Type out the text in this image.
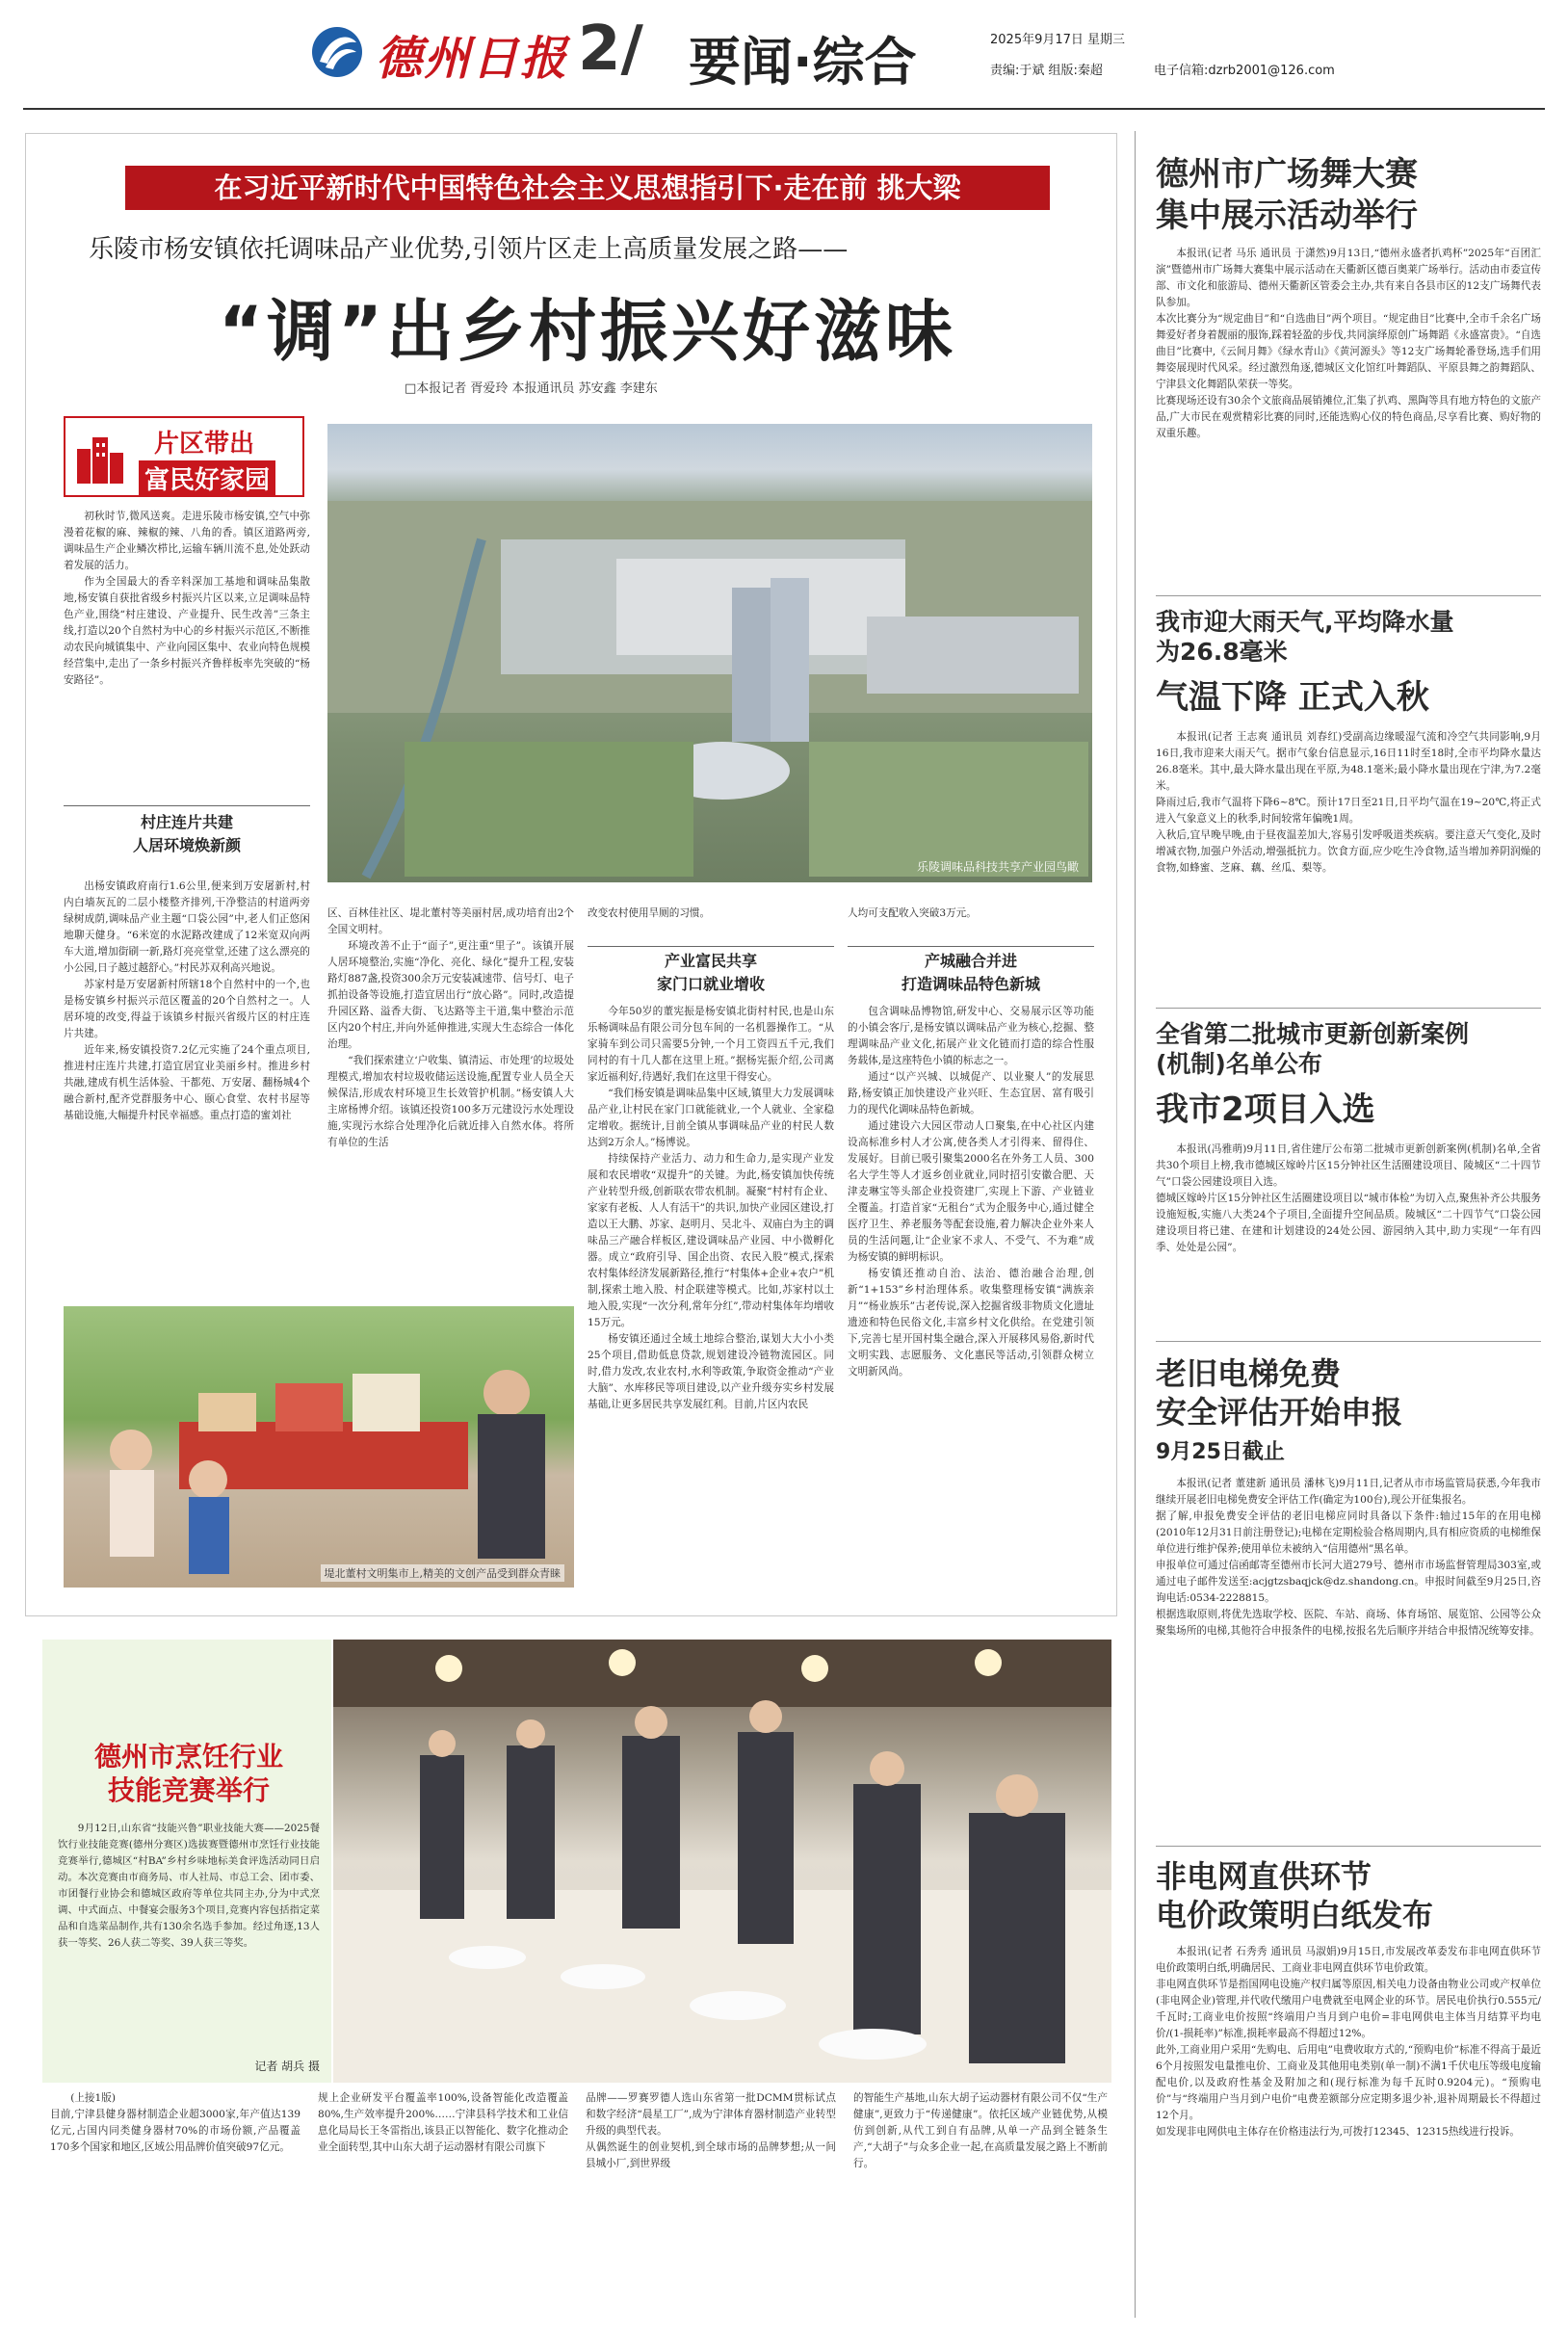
德州日报 2/ 要闻·综合	2025年9月17日 星期三
责编:于斌 组版:秦超	电子信箱:dzrb2001@126.com
在习近平新时代中国特色社会主义思想指引下·走在前 挑大梁
乐陵市杨安镇依托调味品产业优势,引领片区走上高质量发展之路——
“调”出乡村振兴好滋味
□本报记者 胥爱玲 本报通讯员 苏安鑫 李建东
片区带出
富民好家园
初秋时节,微风送爽。走进乐陵市杨安镇,空气中弥漫着花椒的麻、辣椒的辣、八角的香。镇区道路两旁,调味品生产企业鳞次栉比,运输车辆川流不息,处处跃动着发展的活力。
作为全国最大的香辛料深加工基地和调味品集散地,杨安镇自获批省级乡村振兴片区以来,立足调味品特色产业,围绕“村庄建设、产业提升、民生改善”三条主线,打造以20个自然村为中心的乡村振兴示范区,不断推动农民向城镇集中、产业向园区集中、农业向特色规模经营集中,走出了一条乡村振兴齐鲁样板率先突破的“杨安路径”。
村庄连片共建
人居环境焕新颜
乐陵调味品科技共享产业园鸟瞰
出杨安镇政府南行1.6公里,便来到万安屠新村,村内白墙灰瓦的二层小楼整齐排列,干净整洁的村道两旁绿树成荫,调味品产业主题“口袋公园”中,老人们正悠闲地聊天健身。“6米宽的水泥路改建成了12米宽双向两车大道,增加街刷一新,路灯亮亮堂堂,还建了这么漂亮的小公园,日子越过越舒心。”村民苏双利高兴地说。
苏家村是万安屠新村所辖18个自然村中的一个,也是杨安镇乡村振兴示范区覆盖的20个自然村之一。人居环境的改变,得益于该镇乡村振兴省级片区的村庄连片共建。
近年来,杨安镇投资7.2亿元实施了24个重点项目,推进村庄连片共建,打造宜居宜业美丽乡村。推进乡村共融,建成有机生活体验、干都苑、万安屠、翻杨城4个融合新村,配齐党群服务中心、颐心食堂、农村书屋等基础设施,大幅提升村民幸福感。重点打造的蜜刘社
区、百林佳社区、堤北董村等美丽村居,成功培育出2个全国文明村。
环境改善不止于“面子”,更注重“里子”。该镇开展人居环境整治,实施“净化、亮化、绿化”提升工程,安装路灯887盏,投资300余万元安装减速带、信号灯、电子抓拍设备等设施,打造宜居出行“放心路”。同时,改造提升园区路、溢香大街、飞达路等主干道,集中整治示范区内20个村庄,并向外延伸推进,实现大生态综合一体化治理。
“我们探索建立‘户收集、镇清运、市处理’的垃圾处理模式,增加农村垃圾收储运送设施,配置专业人员全天候保洁,形成农村环境卫生长效管护机制。”杨安镇人大主席杨博介绍。该镇还投资100多万元建设污水处理设施,实现污水综合处理净化后就近排入自然水体。将所有单位的生活
改变农村使用旱厕的习惯。	人均可支配收入突破3万元。
产业富民共享
家门口就业增收
产城融合并进
打造调味品特色新城
今年50岁的董宪振是杨安镇北街村村民,也是山东乐畅调味品有限公司分包车间的一名机器操作工。“从家骑车到公司只需要5分钟,一个月工资四五千元,我们同村的有十几人都在这里上班。”据杨宪振介绍,公司离家近福利好,待遇好,我们在这里干得安心。
“我们杨安镇是调味品集中区域,镇里大力发展调味品产业,让村民在家门口就能就业,一个人就业、全家稳定增收。据统计,目前全镇从事调味品产业的村民人数达到2万余人。”杨博说。
持续保持产业活力、动力和生命力,是实现产业发展和农民增收“双提升”的关键。为此,杨安镇加快传统产业转型升级,创新联农带农机制。凝聚“村村有企业、家家有老板、人人有活干”的共识,加快产业园区建设,打造以王大鹏、苏家、赵明月、吴北斗、双庙白为主的调味品三产融合样板区,建设调味品产业园、中小微孵化器。成立“政府引导、国企出资、农民入股”模式,探索农村集体经济发展新路径,推行“村集体+企业+农户”机制,探索土地入股、村企联建等模式。比如,苏家村以土地入股,实现“一次分利,常年分红”,带动村集体年均增收15万元。
杨安镇还通过全域土地综合整治,谋划大大小小类25个项目,借助低息贷款,规划建设冷链物流园区。同时,借力发改,农业农村,水利等政策,争取资金推动“产业大脑”、水库移民等项目建设,以产业升级夯实乡村发展基础,让更多居民共享发展红利。目前,片区内农民
包含调味品博物馆,研发中心、交易展示区等功能的小镇会客厅,是杨安镇以调味品产业为核心,挖掘、整理调味品产业文化,拓展产业文化链而打造的综合性服务载体,是这座特色小镇的标志之一。
通过“以产兴城、以城促产、以业聚人”的发展思路,杨安镇正加快建设产业兴旺、生态宜居、富有吸引力的现代化调味品特色新城。
通过建设六大园区带动人口聚集,在中心社区内建设高标准乡村人才公寓,使各类人才引得来、留得住、发展好。目前已吸引聚集2000名在外务工人员、300名大学生等人才返乡创业就业,同时招引安徽合肥、天津麦琳宝等头部企业投资建厂,实现上下游、产业链业全覆盖。打造首家“无租台”式为企服务中心,通过健全医疗卫生、养老服务等配套设施,着力解决企业外来人员的生活问题,让“企业家不求人、不受气、不为难”成为杨安镇的鲜明标识。
杨安镇还推动自治、法治、德治融合治理,创新“1+153”乡村治理体系。收集整理杨安镇“满族亲月”“杨业族乐”古老传说,深入挖掘省级非物质文化遗址遗迹和特色民俗文化,丰富乡村文化供给。在党建引领下,完善七星开国村集全融合,深入开展移风易俗,新时代文明实践、志愿服务、文化惠民等活动,引领群众树立文明新风尚。
堤北董村文明集市上,精美的文创产品受到群众青睐
德州市广场舞大赛
集中展示活动举行
本报讯(记者 马乐 通讯员 于潇然)9月13日,“德州永盛者扒鸡杯”2025年“百团汇演”暨德州市广场舞大赛集中展示活动在天衢新区德百奥莱广场举行。活动由市委宣传部、市文化和旅游局、德州天衢新区管委会主办,共有来自各县市区的12支广场舞代表队参加。
本次比赛分为“规定曲目”和“自选曲目”两个项目。“规定曲目”比赛中,全市千余名广场舞爱好者身着靓丽的服饰,踩着轻盈的步伐,共同演绎原创广场舞蹈《永盛富贵》。“自选曲目”比赛中,《云间月舞》《绿水青山》《黄河源头》等12支广场舞轮番登场,选手们用舞姿展现时代风采。经过激烈角逐,德城区文化馆红叶舞蹈队、平原县舞之韵舞蹈队、宁津县文化舞蹈队荣获一等奖。
比赛现场还设有30余个文旅商品展销摊位,汇集了扒鸡、黑陶等具有地方特色的文旅产品,广大市民在观赏精彩比赛的同时,还能选购心仪的特色商品,尽享看比赛、购好物的双重乐趣。
我市迎大雨天气,平均降水量
为26.8毫米
气温下降 正式入秋
本报讯(记者 王志爽 通讯员 刘春红)受副高边缘暖湿气流和冷空气共同影响,9月16日,我市迎来大雨天气。据市气象台信息显示,16日11时至18时,全市平均降水量达26.8毫米。其中,最大降水量出现在平原,为48.1毫米;最小降水量出现在宁津,为7.2毫米。
降雨过后,我市气温将下降6~8℃。预计17日至21日,日平均气温在19~20℃,将正式进入气象意义上的秋季,时间较常年偏晚1周。
入秋后,宜早晚早晚,由于昼夜温差加大,容易引发呼吸道类疾病。要注意天气变化,及时增减衣物,加强户外活动,增强抵抗力。饮食方面,应少吃生冷食物,适当增加养阴润燥的食物,如蜂蜜、芝麻、藕、丝瓜、梨等。
全省第二批城市更新创新案例
(机制)名单公布
我市2项目入选
本报讯(冯雅萌)9月11日,省住建厅公布第二批城市更新创新案例(机制)名单,全省共30个项目上榜,我市德城区嫁岭片区15分钟社区生活圈建设项目、陵城区“二十四节气”口袋公园建设项目入选。
德城区嫁岭片区15分钟社区生活圈建设项目以“城市体检”为切入点,聚焦补齐公共服务设施短板,实施八大类24个子项目,全面提升空间品质。陵城区“二十四节气”口袋公园建设项目将已建、在建和计划建设的24处公园、游园纳入其中,助力实现“一年有四季、处处是公园”。
老旧电梯免费
安全评估开始申报
9月25日截止
本报讯(记者 董建新 通讯员 潘林飞)9月11日,记者从市市场监管局获悉,今年我市继续开展老旧电梯免费安全评估工作(确定为100台),现公开征集报名。
据了解,申报免费安全评估的老旧电梯应同时具备以下条件:轴过15年的在用电梯(2010年12月31日前注册登记);电梯在定期检验合格周期内,具有相应资质的电梯维保单位进行维护保养;使用单位未被纳入“信用德州”黑名单。
申报单位可通过信函邮寄至德州市长河大道279号、德州市市场监督管理局303室,或通过电子邮件发送至:acjgtzsbaqjck@dz.shandong.cn。申报时间截至9月25日,咨询电话:0534-2228815。
根据选取原则,将优先选取学校、医院、车站、商场、体育场馆、展览馆、公园等公众聚集场所的电梯,其他符合申报条件的电梯,按报名先后顺序并结合申报情况统筹安排。
非电网直供环节
电价政策明白纸发布
本报讯(记者 石秀秀 通讯员 马淑娟)9月15日,市发展改革委发布非电网直供环节电价政策明白纸,明确居民、工商业非电网直供环节电价政策。
非电网直供环节是指国网电设施产权归属等原因,相关电力设备由物业公司或产权单位(非电网企业)管理,并代收代缴用户电费就至电网企业的环节。居民电价执行0.555元/千瓦时;工商业电价按照“终端用户当月到户电价=非电网供电主体当月结算平均电价/(1-损耗率)”标准,损耗率最高不得超过12%。
此外,工商业用户采用“先购电、后用电”电费收取方式的,“预购电价”标准不得高于最近6个月按照发电量推电价、工商业及其他用电类别(单一制)不满1千伏电压等级电度输配电价,以及政府性基金及附加之和(现行标准为每千瓦时0.9204元)。“预购电价”与“终端用户当月到户电价”电费差额部分应定期多退少补,退补周期最长不得超过12个月。
如发现非电网供电主体存在价格违法行为,可拨打12345、12315热线进行投诉。
德州市烹饪行业
技能竞赛举行
9月12日,山东省“技能兴鲁”职业技能大赛——2025餐饮行业技能竞赛(德州分赛区)选拔赛暨德州市烹饪行业技能竞赛举行,德城区“村BA”乡村乡味地标美食评选活动同日启动。本次竞赛由市商务局、市人社局、市总工会、团市委、市团餐行业协会和德城区政府等单位共同主办,分为中式烹调、中式面点、中餐宴会服务3个项目,竞赛内容包括指定菜品和自选菜品制作,共有130余名选手参加。经过角逐,13人获一等奖、26人获二等奖、39人获三等奖。
记者 胡兵 摄
(上接1版)
目前,宁津县健身器材制造企业超3000家,年产值达139亿元,占国内同类健身器材70%的市场份额,产品覆盖170多个国家和地区,区域公用品牌价值突破97亿元。
规上企业研发平台覆盖率100%,设备智能化改造覆盖80%,生产效率提升200%……宁津县科学技术和工业信息化局局长王冬雷指出,该县正以智能化、数字化推动企业全面转型,其中山东大胡子运动器材有限公司旗下
品牌——罗赛罗德人选山东省第一批DCMM贯标试点和数字经济“晨星工厂”,成为宁津体育器材制造产业转型升级的典型代表。
从偶然诞生的创业契机,到全球市场的品牌梦想;从一间县城小厂,到世界级
的智能生产基地,山东大胡子运动器材有限公司不仅“生产健康”,更致力于“传递健康”。依托区域产业链优势,从模仿到创新,从代工到自有品牌,从单一产品到全链条生产,“大胡子”与众多企业一起,在高质量发展之路上不断前行。
